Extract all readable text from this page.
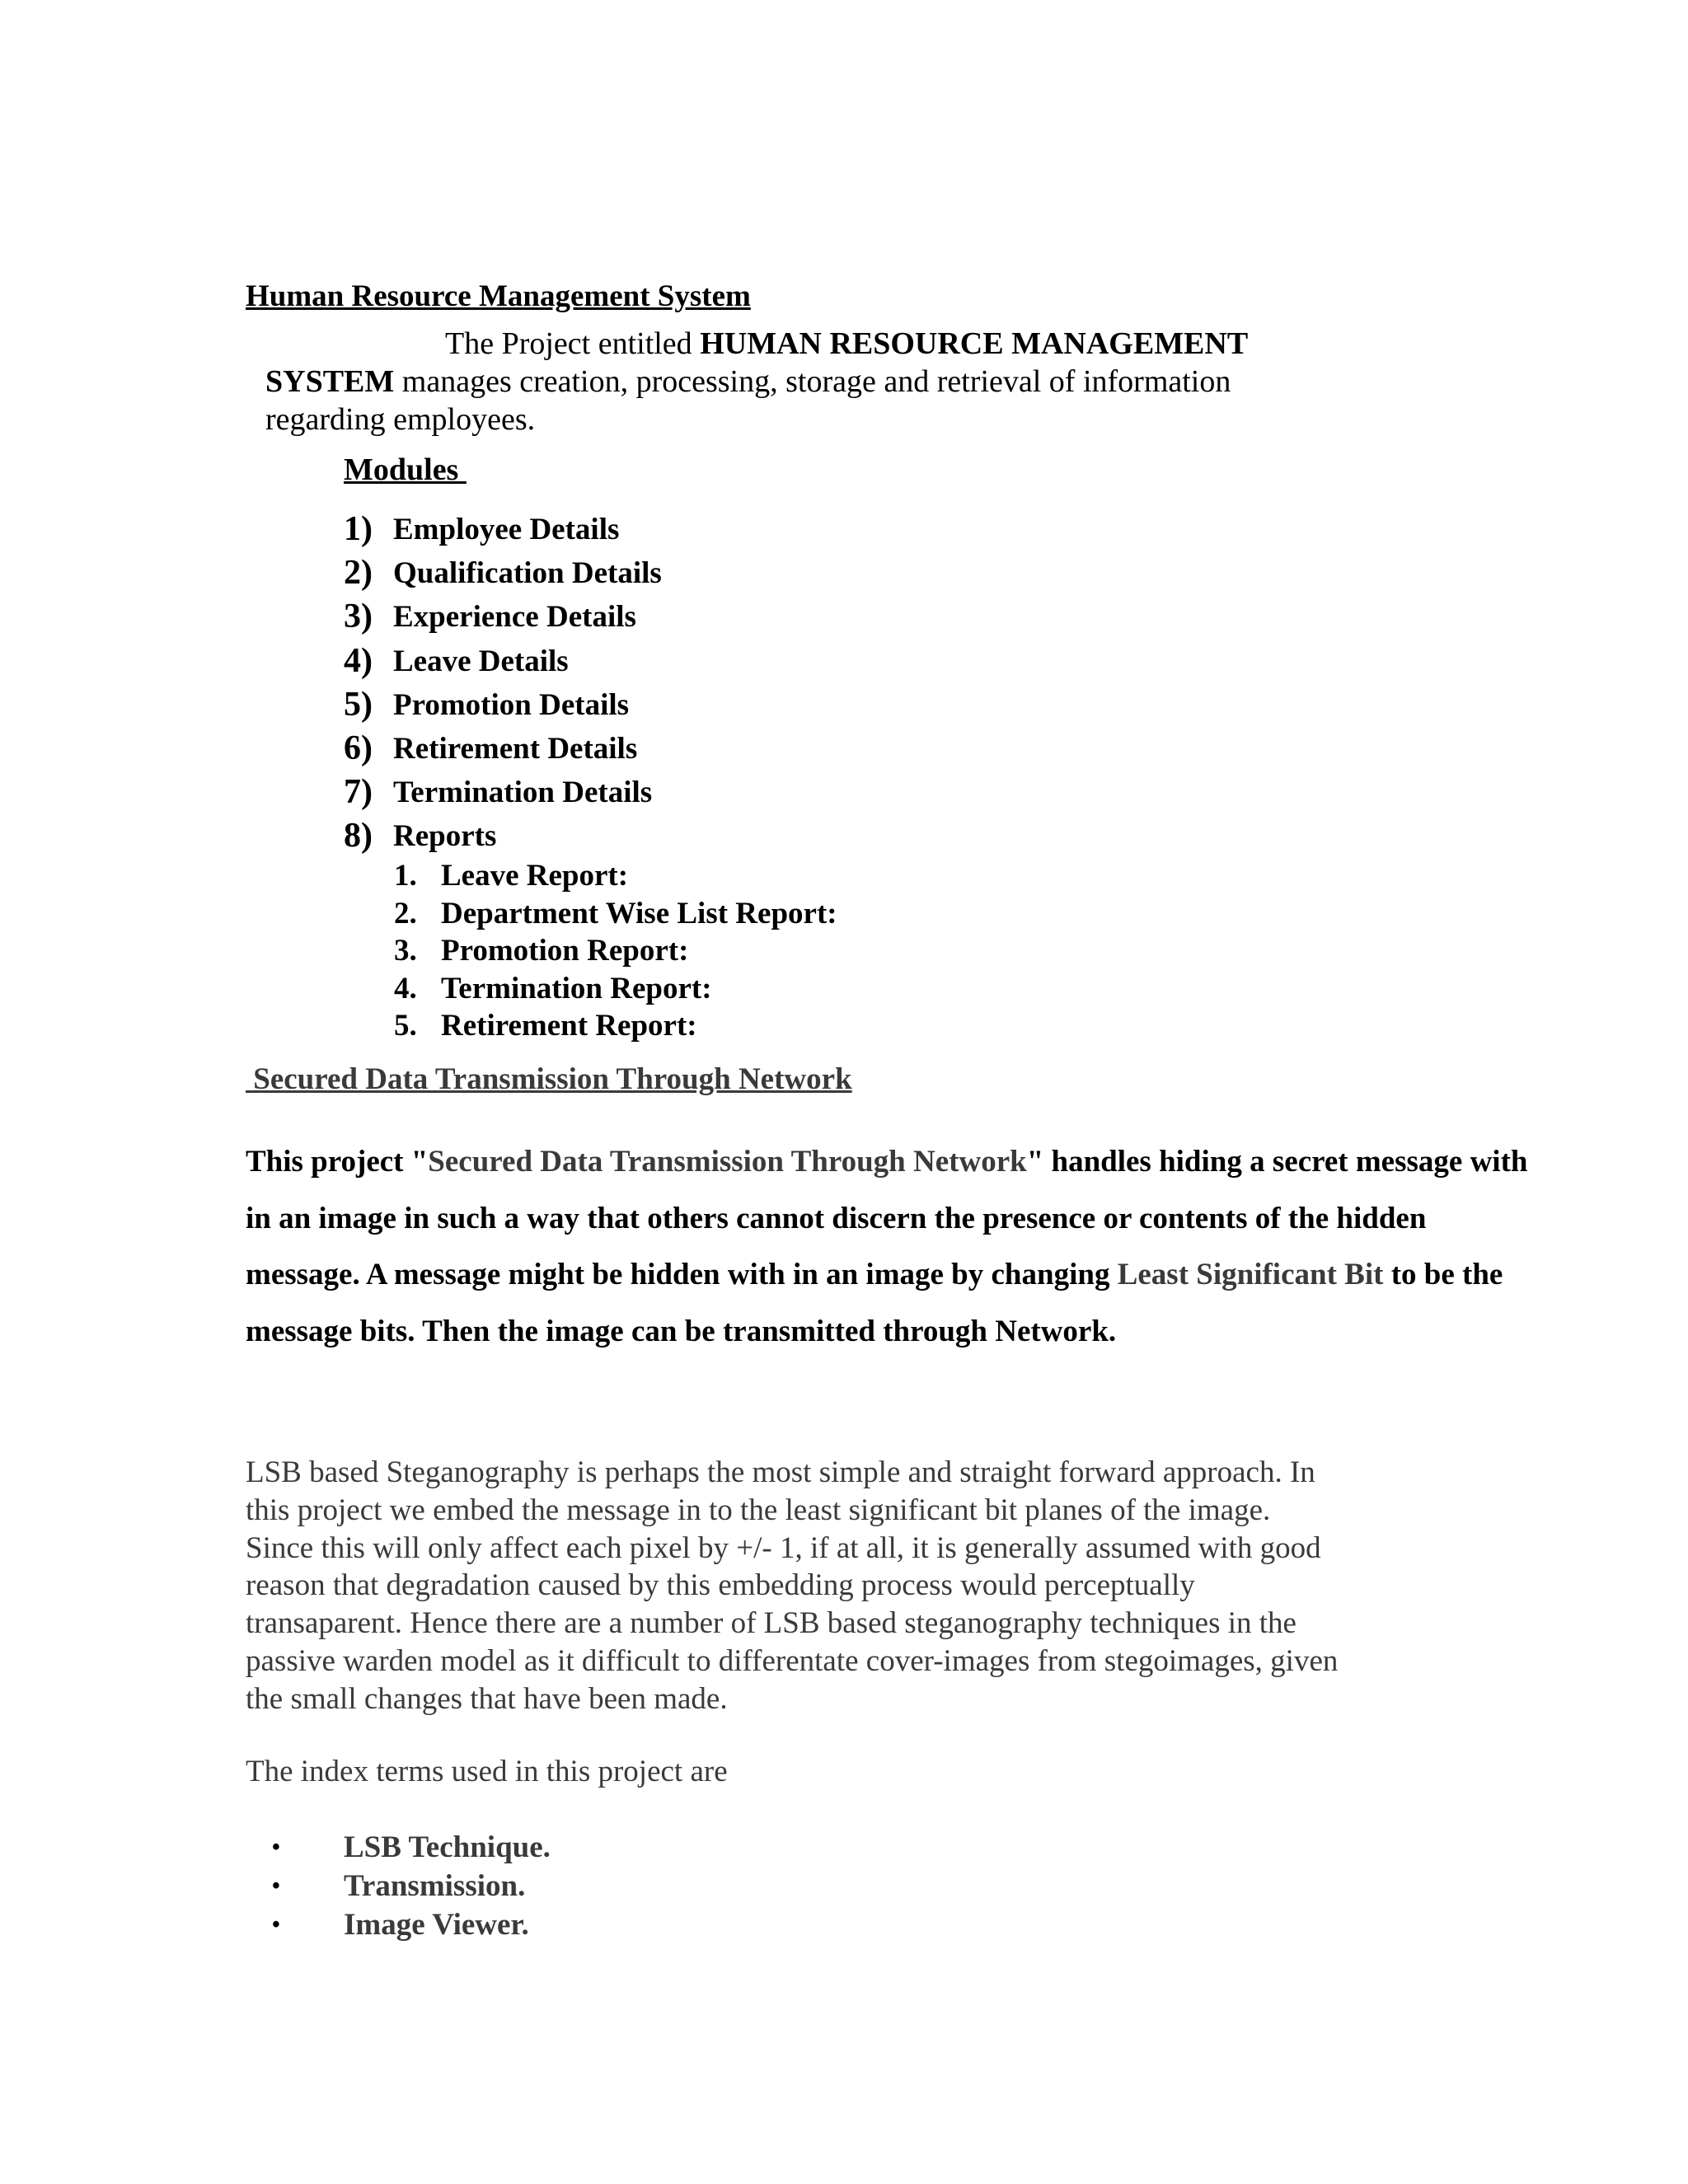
Human Resource Management System
The Project entitled HUMAN RESOURCE MANAGEMENT
SYSTEM manages creation, processing, storage and retrieval of information
regarding employees.
Modules
1) Employee Details
2) Qualification Details
3) Experience Details
4) Leave Details
5) Promotion Details
6) Retirement Details
7) Termination Details
8) Reports
1. Leave Report:
2. Department Wise List Report:
3. Promotion Report:
4. Termination Report:
5. Retirement Report:
Secured Data Transmission Through Network

This project "Secured Data Transmission Through Network" handles hiding a secret message with in an image in such a way that others cannot discern the presence or contents of the hidden message. A message might be hidden with in an image by changing Least Significant Bit to be the message bits. Then the image can be transmitted through Network.

LSB based Steganography is perhaps the most simple and straight forward approach. In
this project we embed the message in to the least significant bit planes of the image.
Since this will only affect each pixel by +/- 1, if at all, it is generally assumed with good
reason that degradation caused by this embedding process would perceptually
transaparent. Hence there are a number of LSB based steganography techniques in the
passive warden model as it difficult to differentate cover-images from stegoimages, given
the small changes that have been made.
The index terms used in this project are
•	LSB Technique.
•	Transmission.
•	Image Viewer.
